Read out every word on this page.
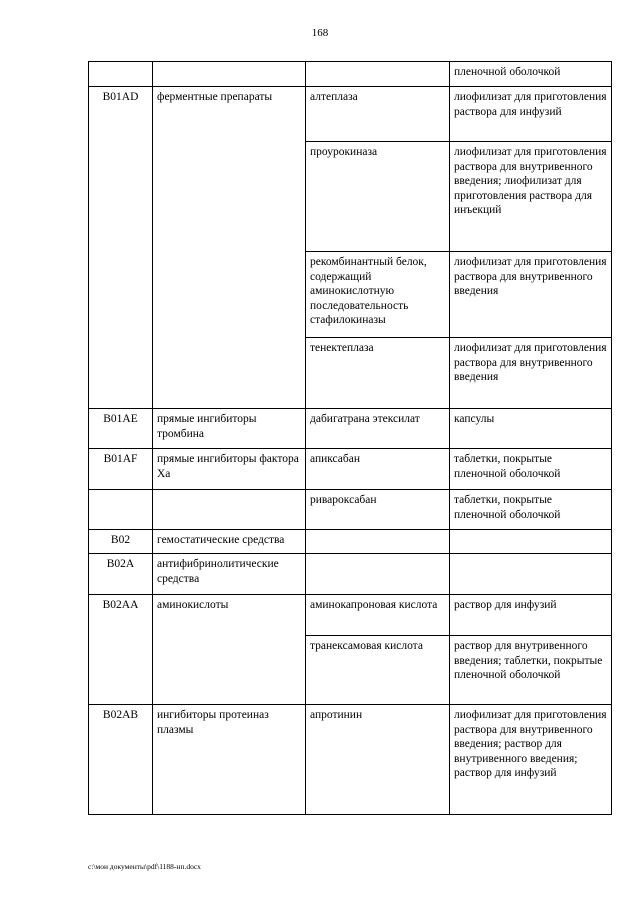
168
			пленочной оболочкой
B01AD	ферментные препараты	алтеплаза	лиофилизат для приготовления раствора для инфузий
		проурокиназа	лиофилизат для приготовления раствора для внутривенного введения; лиофилизат для приготовления раствора для инъекций
		рекомбинантный белок, содержащий аминокислотную последовательность стафилокиназы	лиофилизат для приготовления раствора для внутривенного введения
		тенектеплаза	лиофилизат для приготовления раствора для внутривенного введения
B01AE	прямые ингибиторы тромбина	дабигатрана этексилат	капсулы
B01AF	прямые ингибиторы фактора Xa	апиксабан	таблетки, покрытые пленочной оболочкой
		ривароксабан	таблетки, покрытые пленочной оболочкой
B02	гемостатические средства		
B02A	антифибринолитические средства		
B02AA	аминокислоты	аминокапроновая кислота	раствор для инфузий
		транексамовая кислота	раствор для внутривенного введения; таблетки, покрытые пленочной оболочкой
B02AB	ингибиторы протеиназ плазмы	апротинин	лиофилизат для приготовления раствора для внутривенного введения; раствор для внутривенного введения; раствор для инфузий
c:\мои документы\pdf\1188-нп.docx
